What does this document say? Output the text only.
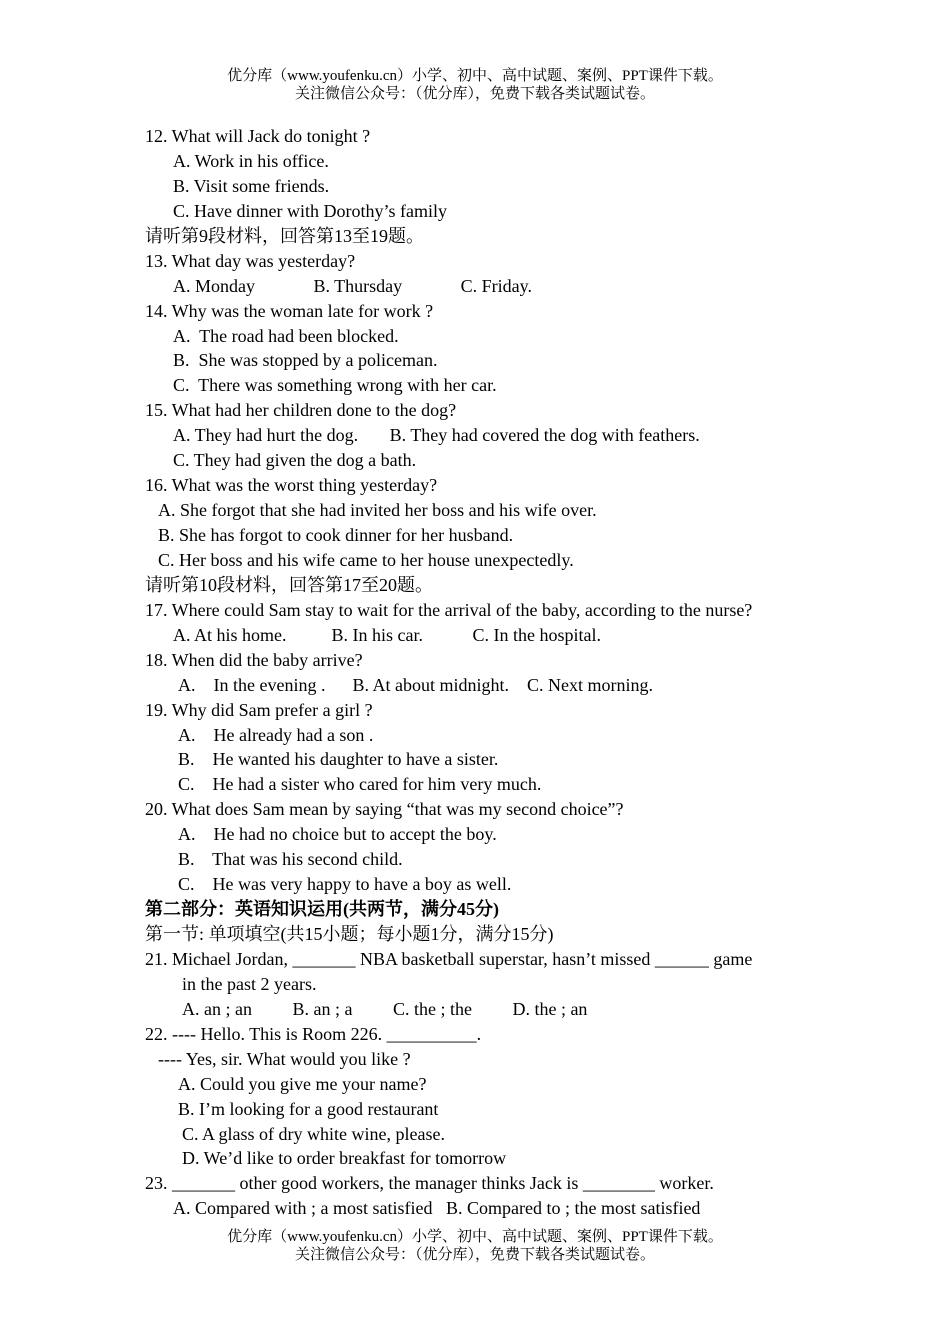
优分库（www.youfenku.cn）小学、初中、高中试题、案例、PPT课件下载。
关注微信公众号：（优分库），免费下载各类试题试卷。
12. What will Jack do tonight ?
A. Work in his office.
B. Visit some friends.
C. Have dinner with Dorothy’s family
请听第9段材料，回答第13至19题。
13. What day was yesterday?
A. Monday             B. Thursday             C. Friday.
14. Why was the woman late for work ?
A.  The road had been blocked.
B.  She was stopped by a policeman.
C.  There was something wrong with her car.
15. What had her children done to the dog?
A. They had hurt the dog.       B. They had covered the dog with feathers.
C. They had given the dog a bath.
16. What was the worst thing yesterday?
A. She forgot that she had invited her boss and his wife over.
B. She has forgot to cook dinner for her husband.
C. Her boss and his wife came to her house unexpectedly.
请听第10段材料，回答第17至20题。
17. Where could Sam stay to wait for the arrival of the baby, according to the nurse?
A. At his home.          B. In his car.           C. In the hospital.
18. When did the baby arrive?
A.    In the evening .      B. At about midnight.    C. Next morning.
19. Why did Sam prefer a girl ?
A.    He already had a son .
B.    He wanted his daughter to have a sister.
C.    He had a sister who cared for him very much.
20. What does Sam mean by saying “that was my second choice”?
A.    He had no choice but to accept the boy.
B.    That was his second child.
C.    He was very happy to have a boy as well.
第二部分：英语知识运用(共两节，满分45分)
第一节: 单项填空(共15小题；每小题1分，满分15分)
21. Michael Jordan, _______ NBA basketball superstar, hasn’t missed ______ game
in the past 2 years.
A. an ; an         B. an ; a         C. the ; the         D. the ; an
22. ---- Hello. This is Room 226. __________.
---- Yes, sir. What would you like ?
A. Could you give me your name?
B. I’m looking for a good restaurant
C. A glass of dry white wine, please.
D. We’d like to order breakfast for tomorrow
23. _______ other good workers, the manager thinks Jack is ________ worker.
A. Compared with ; a most satisfied   B. Compared to ; the most satisfied
优分库（www.youfenku.cn）小学、初中、高中试题、案例、PPT课件下载。
关注微信公众号：（优分库），免费下载各类试题试卷。
